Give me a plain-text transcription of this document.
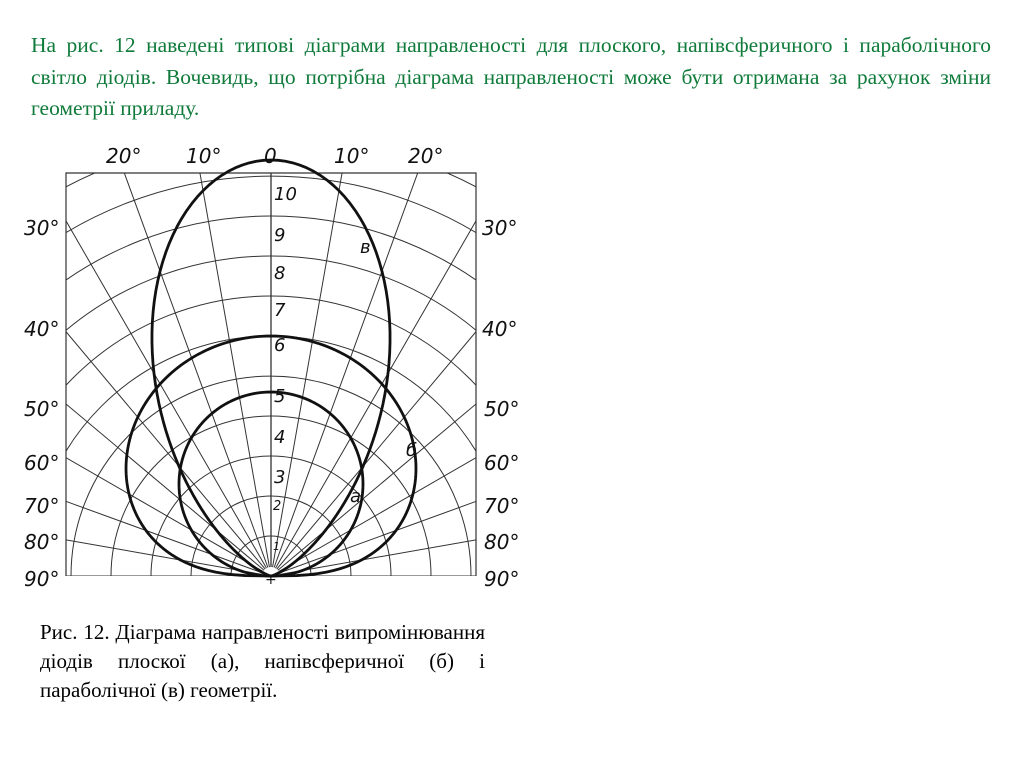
На рис. 12 наведені типові діаграми направленості для плоского, напівсферичного і параболічного світло діодів. Вочевидь, що потрібна діаграма направленості може бути отримана за рахунок зміни геометрії приладу.

20° 10° 0	10° 20°
30°
40°
50°
60°
70°
80°
90°
30°
40°
50°
60°
70°
80°
90°
1
2
3
4
5
6
7
8
9
10
a
б
в
+

Рис. 12. Діаграма направленості випромінювання діодів плоскої (а), напівсферичної (б) і параболічної (в) геометрії.
